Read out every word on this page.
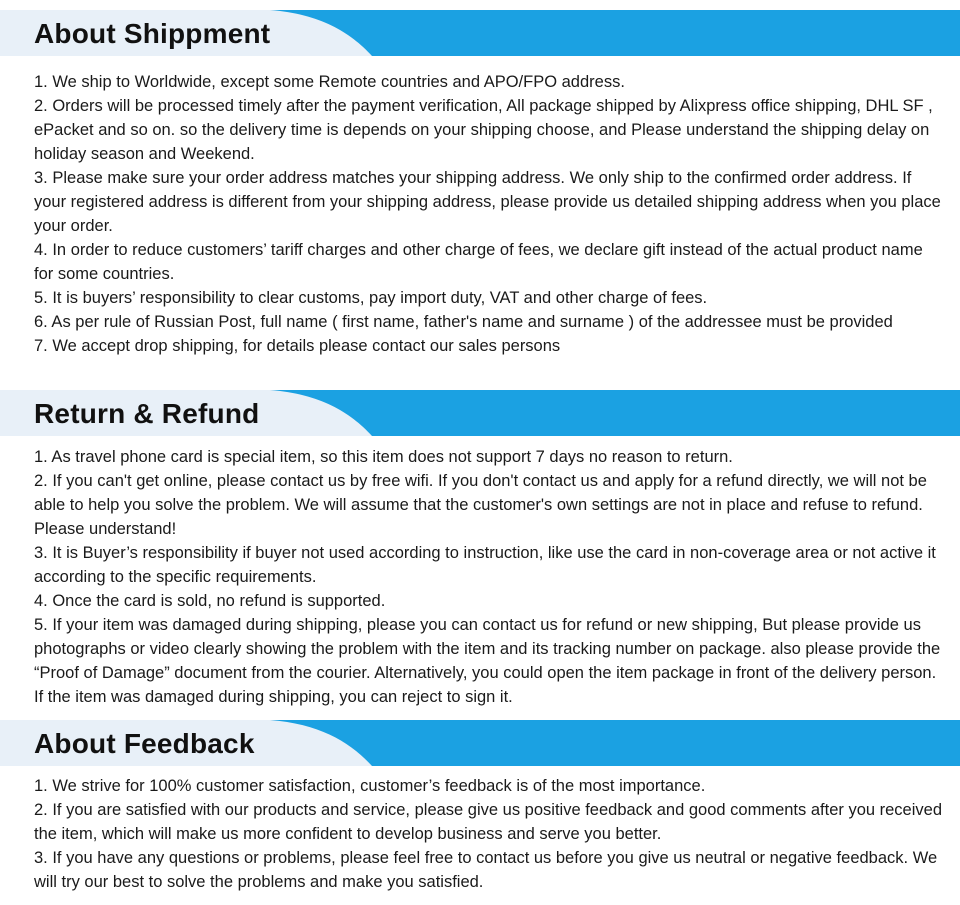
About Shippment

1. We ship to Worldwide, except some Remote countries and APO/FPO address.

2. Orders will be processed timely after the payment verification, All package shipped by Alixpress office shipping, DHL SF , ePacket and so on. so the delivery time is depends on your shipping choose, and Please understand the shipping delay on holiday season and Weekend.

3. Please make sure your order address matches your shipping address. We only ship to the confirmed order address. If your registered address is different from your shipping address, please provide us detailed shipping address when you place your order.

4. In order to reduce customers’ tariff charges and other charge of fees, we declare gift instead of the actual product name for some countries.

5. It is buyers’ responsibility to clear customs, pay import duty, VAT and other charge of fees.

6. As per rule of Russian Post, full name ( first name, father's name and surname ) of the addressee must be provided

7. We accept drop shipping, for details please contact our sales persons

Return & Refund

1. As travel phone card is special item, so this item does not support 7 days no reason to return.

2. If you can't get online, please contact us by free wifi. If you don't contact us and apply for a refund directly, we will not be able to help you solve the problem. We will assume that the customer's own settings are not in place and refuse to refund. Please understand!

3. It is Buyer’s responsibility if buyer not used according to instruction, like use the card in non-coverage area or not active it according to the specific requirements.

4. Once the card is sold, no refund is supported.

5. If your item was damaged during shipping, please you can contact us for refund or new shipping, But please provide us photographs or video clearly showing the problem with the item and its tracking number on package. also please provide the “Proof of Damage” document from the courier. Alternatively, you could open the item package in front of the delivery person. If the item was damaged during shipping, you can reject to sign it.

About Feedback

1. We strive for 100% customer satisfaction, customer’s feedback is of the most importance.

2. If you are satisfied with our products and service, please give us positive feedback and good comments after you received the item, which will make us more confident to develop business and serve you better.

3. If you have any questions or problems, please feel free to contact us before you give us neutral or negative feedback. We will try our best to solve the problems and make you satisfied.
